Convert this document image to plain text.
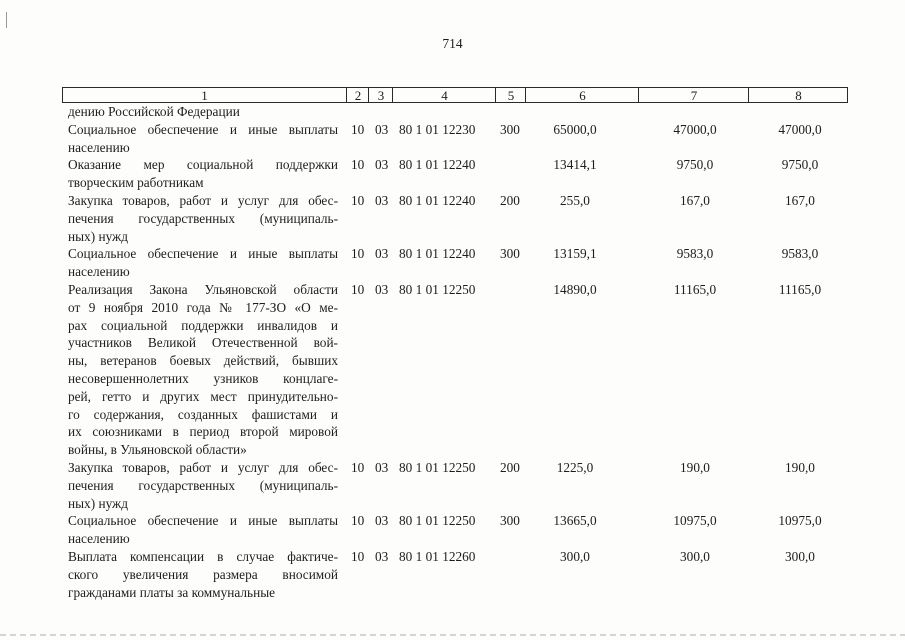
714
1	2	3	4	5	6	7	8
дению Российской Федерации
Социальное обеспечение и иные выплаты
населению
10 03 80 1 01 12230 300	65000,0	47000,0	47000,0
Оказание мер социальной поддержки
творческим работникам
10 03 80 1 01 12240	13414,1	9750,0	9750,0
Закупка товаров, работ и услуг для обес-
печения государственных (муниципаль-
ных) нужд
10 03 80 1 01 12240 200	255,0	167,0	167,0
Социальное обеспечение и иные выплаты
населению
10 03 80 1 01 12240 300	13159,1	9583,0	9583,0
Реализация Закона Ульяновской области
от 9 ноября 2010 года № 177-ЗО «О ме-
рах социальной поддержки инвалидов и
участников Великой Отечественной вой-
ны, ветеранов боевых действий, бывших
несовершеннолетних узников концлаге-
рей, гетто и других мест принудительно-
го содержания, созданных фашистами и
их союзниками в период второй мировой
войны, в Ульяновской области»
10 03 80 1 01 12250	14890,0	11165,0	11165,0
Закупка товаров, работ и услуг для обес-
печения государственных (муниципаль-
ных) нужд
10 03 80 1 01 12250 200	1225,0	190,0	190,0
Социальное обеспечение и иные выплаты
населению
10 03 80 1 01 12250 300	13665,0	10975,0	10975,0
Выплата компенсации в случае фактиче-
ского увеличения размера вносимой
гражданами платы за коммунальные
10 03 80 1 01 12260	300,0	300,0	300,0
